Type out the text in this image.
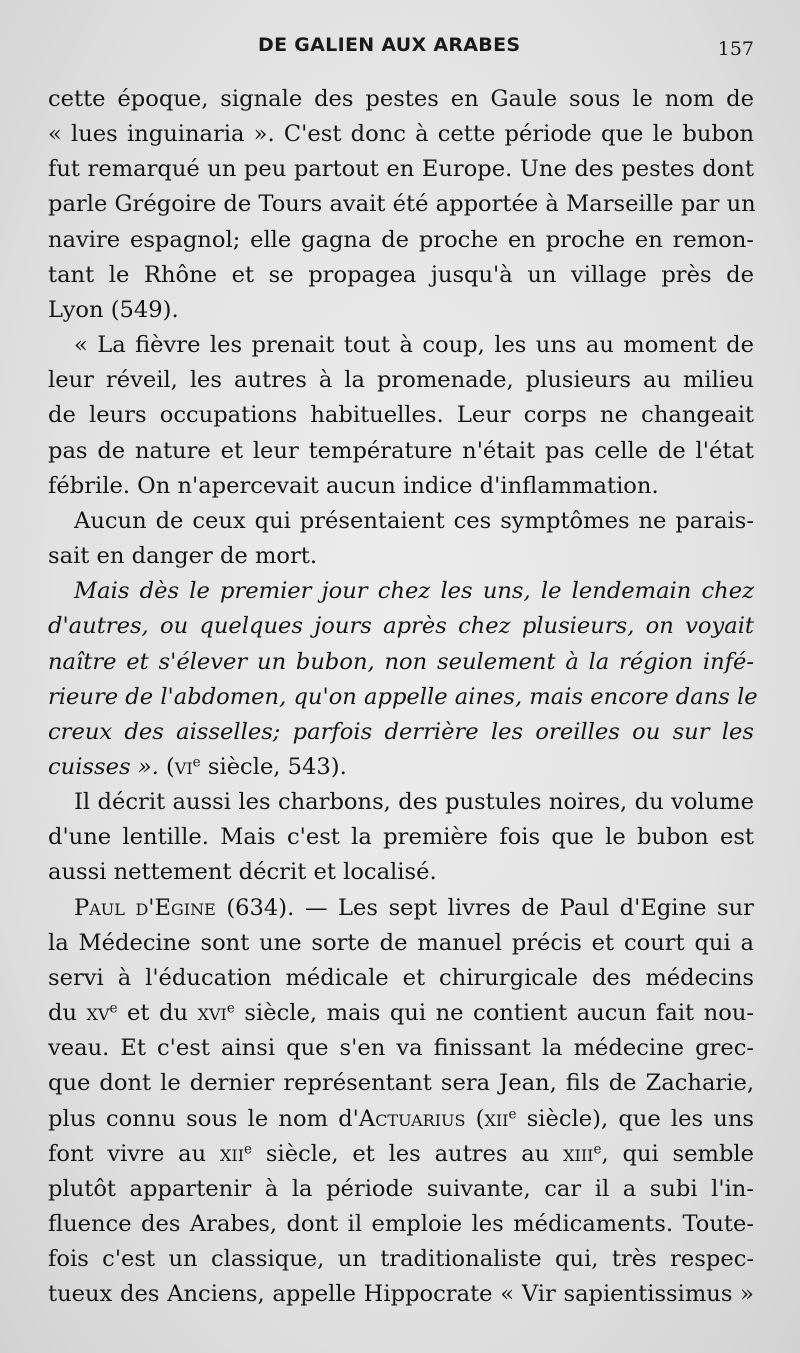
DE GALIEN AUX ARABES	157

cette époque, signale des pestes en Gaule sous le nom de
« lues inguinaria ». C'est donc à cette période que le bubon
fut remarqué un peu partout en Europe. Une des pestes dont
parle Grégoire de Tours avait été apportée à Marseille par un
navire espagnol; elle gagna de proche en proche en remon-
tant le Rhône et se propagea jusqu'à un village près de
Lyon (549).

« La fièvre les prenait tout à coup, les uns au moment de
leur réveil, les autres à la promenade, plusieurs au milieu
de leurs occupations habituelles. Leur corps ne changeait
pas de nature et leur température n'était pas celle de l'état
fébrile. On n'apercevait aucun indice d'inflammation.

Aucun de ceux qui présentaient ces symptômes ne parais-
sait en danger de mort.

Mais dès le premier jour chez les uns, le lendemain chez
d'autres, ou quelques jours après chez plusieurs, on voyait
naître et s'élever un bubon, non seulement à la région infé-
rieure de l'abdomen, qu'on appelle aines, mais encore dans le
creux des aisselles; parfois derrière les oreilles ou sur les
cuisses ». ($vi^e$ siècle, 543).

Il décrit aussi les charbons, des pustules noires, du volume
d'une lentille. Mais c'est la première fois que le bubon est
aussi nettement décrit et localisé.

Paul d'Egine (634). — Les sept livres de Paul d'Egine sur
la Médecine sont une sorte de manuel précis et court qui a
servi à l'éducation médicale et chirurgicale des médecins
du $xv^e$ et du xvi$^e$ siècle, mais qui ne contient aucun fait nou-
veau. Et c'est ainsi que s'en va finissant la médecine grec-
que dont le dernier représentant sera Jean, fils de Zacharie,
plus connu sous le nom d'Actuarius (xii$^e$ siècle), que les uns
font vivre au xii$^e$ siècle, et les autres au xiii$^e$, qui semble
plutôt appartenir à la période suivante, car il a subi l'in-
fluence des Arabes, dont il emploie les médicaments. Toute-
fois c'est un classique, un traditionaliste qui, très respec-
tueux des Anciens, appelle Hippocrate « Vir sapientissimus »
